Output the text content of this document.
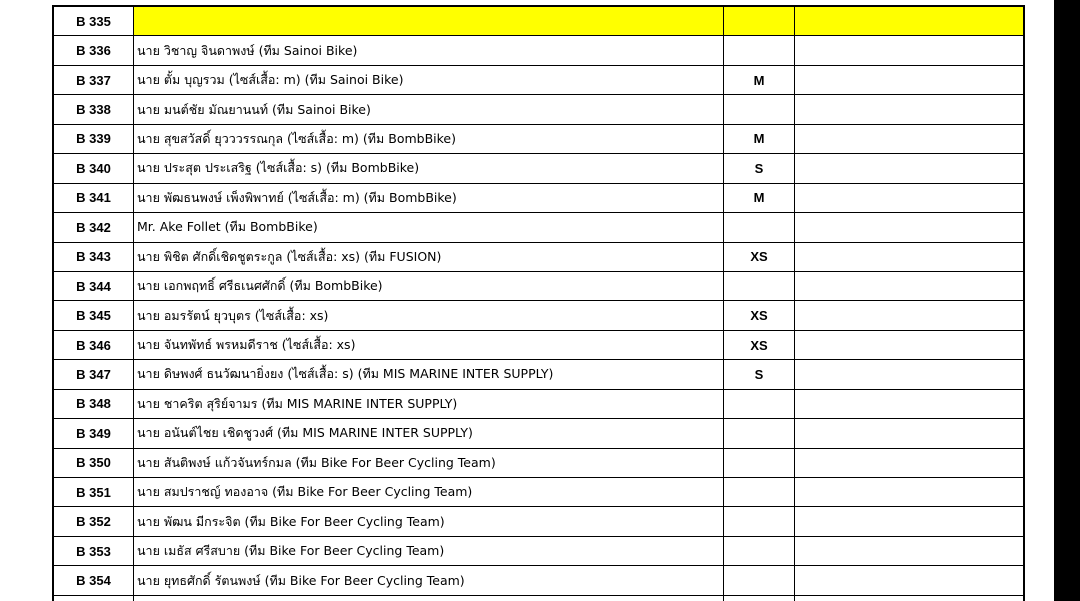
B 335			
B 336	นาย วิชาญ จินดาพงษ์ (ทีม Sainoi Bike)		
B 337	นาย ตั้ม บุญรวม (ไซส์เสื้อ: m) (ทีม Sainoi Bike)	M	
B 338	นาย มนต์ชัย มัณยานนท์ (ทีม Sainoi Bike)		
B 339	นาย สุขสวัสดิ์ ยุวววรรณกุล (ไซส์เสื้อ: m) (ทีม BombBike)	M	
B 340	นาย ประสุต ประเสริฐ (ไซส์เสื้อ: s) (ทีม BombBike)	S	
B 341	นาย พัฒธนพงษ์ เพ็งพิพาทย์ (ไซส์เสื้อ: m) (ทีม BombBike)	M	
B 342	Mr. Ake Follet (ทีม BombBike)		
B 343	นาย พิชิต ศักดิ์เชิดชูตระกูล (ไซส์เสื้อ: xs) (ทีม FUSION)	XS	
B 344	นาย เอกพฤทธิ์ ศรีธเนศศักดิ์ (ทีม BombBike)		
B 345	นาย อมรรัตน์ ยุวบุตร (ไซส์เสื้อ: xs)	XS	
B 346	นาย จันทพัทธ์ พรหมดีราช (ไซส์เสื้อ: xs)	XS	
B 347	นาย ดิษพงศ์ ธนวัฒนายิ่งยง (ไซส์เสื้อ: s) (ทีม MIS MARINE INTER SUPPLY)	S	
B 348	นาย ชาคริต สุริย์จามร (ทีม MIS MARINE INTER SUPPLY)		
B 349	นาย อนันต์ไชย เชิดชูวงศ์ (ทีม MIS MARINE INTER SUPPLY)		
B 350	นาย สันติพงษ์ แก้วจันทร์กมล (ทีม Bike For Beer Cycling Team)		
B 351	นาย สมปราชญ์ ทองอาจ (ทีม Bike For Beer Cycling Team)		
B 352	นาย พัฒน มีกระจิต (ทีม Bike For Beer Cycling Team)		
B 353	นาย เมธัส ศรีสบาย (ทีม Bike For Beer Cycling Team)		
B 354	นาย ยุทธศักดิ์ รัตนพงษ์ (ทีม Bike For Beer Cycling Team)		
